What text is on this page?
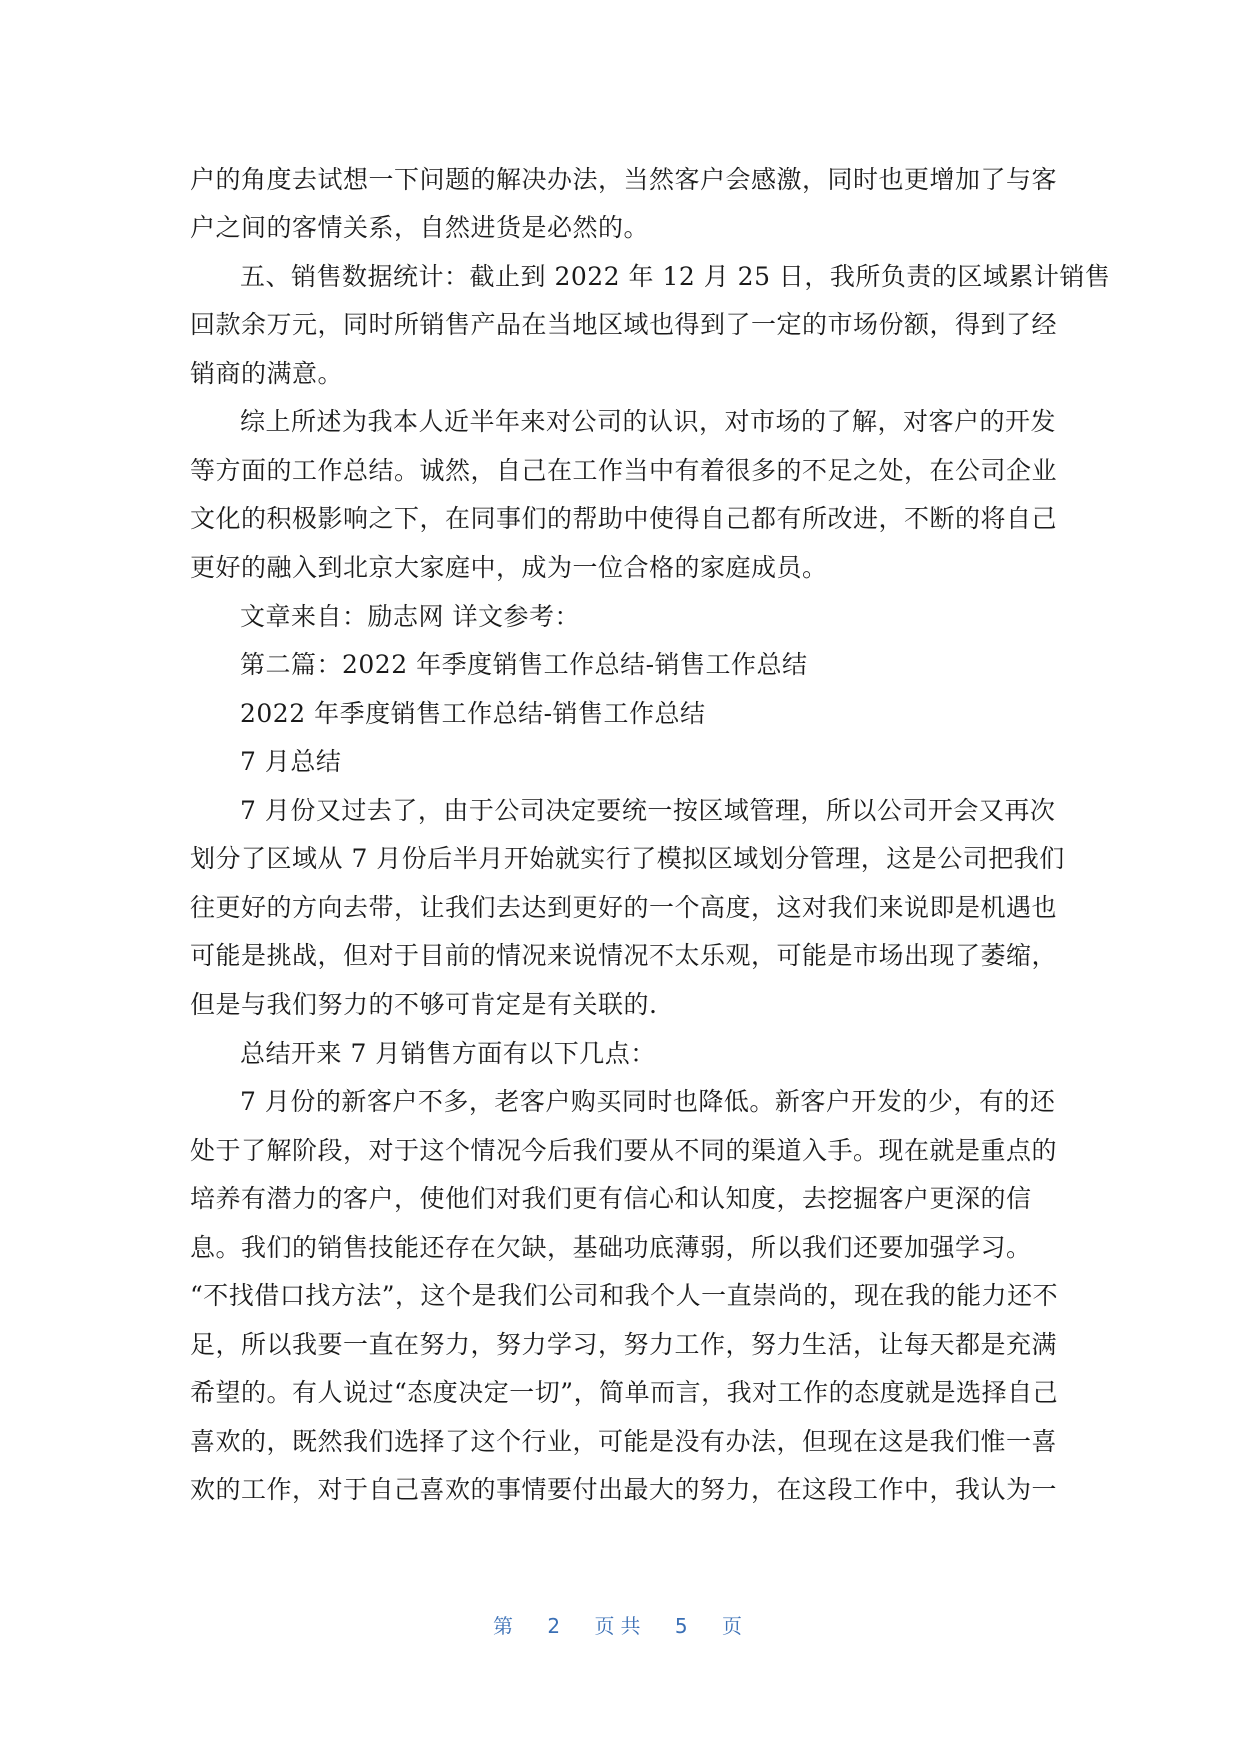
户的角度去试想一下问题的解决办法，当然客户会感激，同时也更增加了与客
户之间的客情关系，自然进货是必然的。
五、销售数据统计：截止到 2022 年 12 月 25 日，我所负责的区域累计销售
回款余万元，同时所销售产品在当地区域也得到了一定的市场份额，得到了经
销商的满意。
综上所述为我本人近半年来对公司的认识，对市场的了解，对客户的开发
等方面的工作总结。诚然，自己在工作当中有着很多的不足之处，在公司企业
文化的积极影响之下，在同事们的帮助中使得自己都有所改进，不断的将自己
更好的融入到北京大家庭中，成为一位合格的家庭成员。
文章来自：励志网 详文参考：
第二篇：2022 年季度销售工作总结-销售工作总结
2022 年季度销售工作总结-销售工作总结
7 月总结
7 月份又过去了，由于公司决定要统一按区域管理，所以公司开会又再次
划分了区域从 7 月份后半月开始就实行了模拟区域划分管理，这是公司把我们
往更好的方向去带，让我们去达到更好的一个高度，这对我们来说即是机遇也
可能是挑战，但对于目前的情况来说情况不太乐观，可能是市场出现了萎缩，
但是与我们努力的不够可肯定是有关联的.
总结开来 7 月销售方面有以下几点：
7 月份的新客户不多，老客户购买同时也降低。新客户开发的少，有的还
处于了解阶段，对于这个情况今后我们要从不同的渠道入手。现在就是重点的
培养有潜力的客户，使他们对我们更有信心和认知度，去挖掘客户更深的信
息。我们的销售技能还存在欠缺，基础功底薄弱，所以我们还要加强学习。
“不找借口找方法”，这个是我们公司和我个人一直崇尚的，现在我的能力还不
足，所以我要一直在努力，努力学习，努力工作，努力生活，让每天都是充满
希望的。有人说过“态度决定一切”，简单而言，我对工作的态度就是选择自己
喜欢的，既然我们选择了这个行业，可能是没有办法，但现在这是我们惟一喜
欢的工作，对于自己喜欢的事情要付出最大的努力，在这段工作中，我认为一
第 2 页共 5 页
